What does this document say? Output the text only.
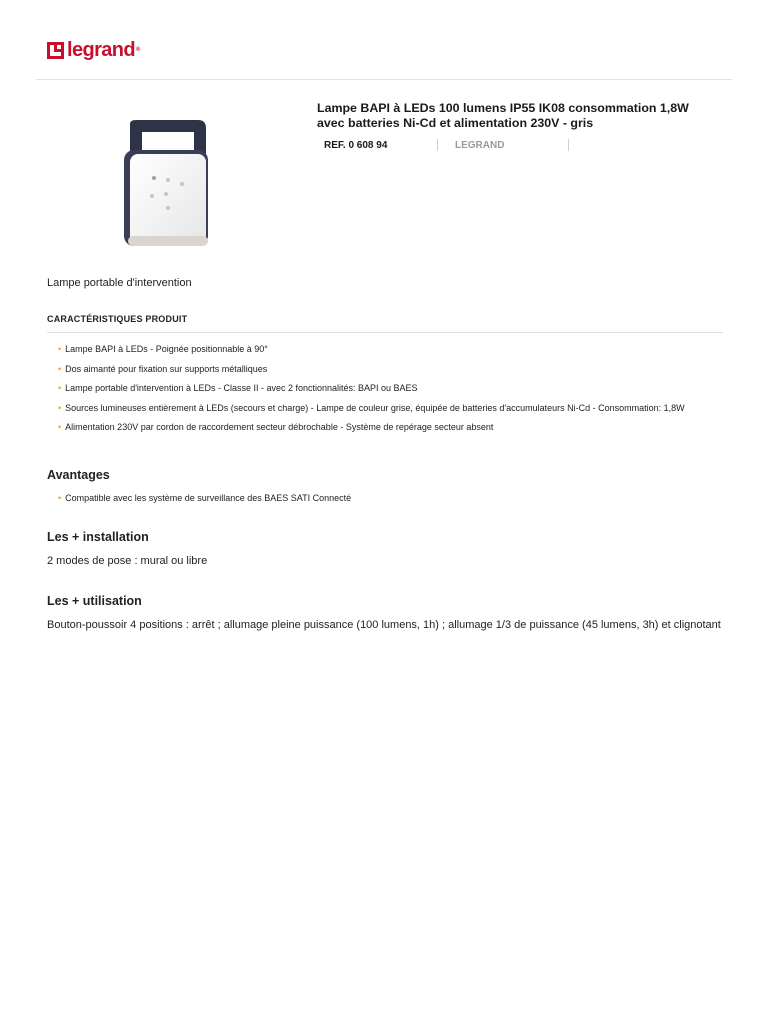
legrand ®
Lampe BAPI à LEDs 100 lumens IP55 IK08 consommation 1,8W avec batteries Ni-Cd et alimentation 230V - gris
REF. 0 608 94	LEGRAND
Lampe portable d'intervention
CARACTÉRISTIQUES PRODUIT
• Lampe BAPI à LEDs - Poignée positionnable à 90°
• Dos aimanté pour fixation sur supports métalliques
• Lampe portable d'intervention à LEDs - Classe II - avec 2 fonctionnalités: BAPI ou BAES
• Sources lumineuses entièrement à LEDs (secours et charge) - Lampe de couleur grise, équipée de batteries d'accumulateurs Ni-Cd - Consommation: 1,8W
• Alimentation 230V par cordon de raccordement secteur débrochable - Système de repérage secteur absent
Avantages
• Compatible avec les système de surveillance des BAES SATI Connecté
Les + installation
2 modes de pose : mural ou libre
Les + utilisation
Bouton-poussoir 4 positions : arrêt ; allumage pleine puissance (100 lumens, 1h) ; allumage 1/3 de puissance (45 lumens, 3h) et clignotant
